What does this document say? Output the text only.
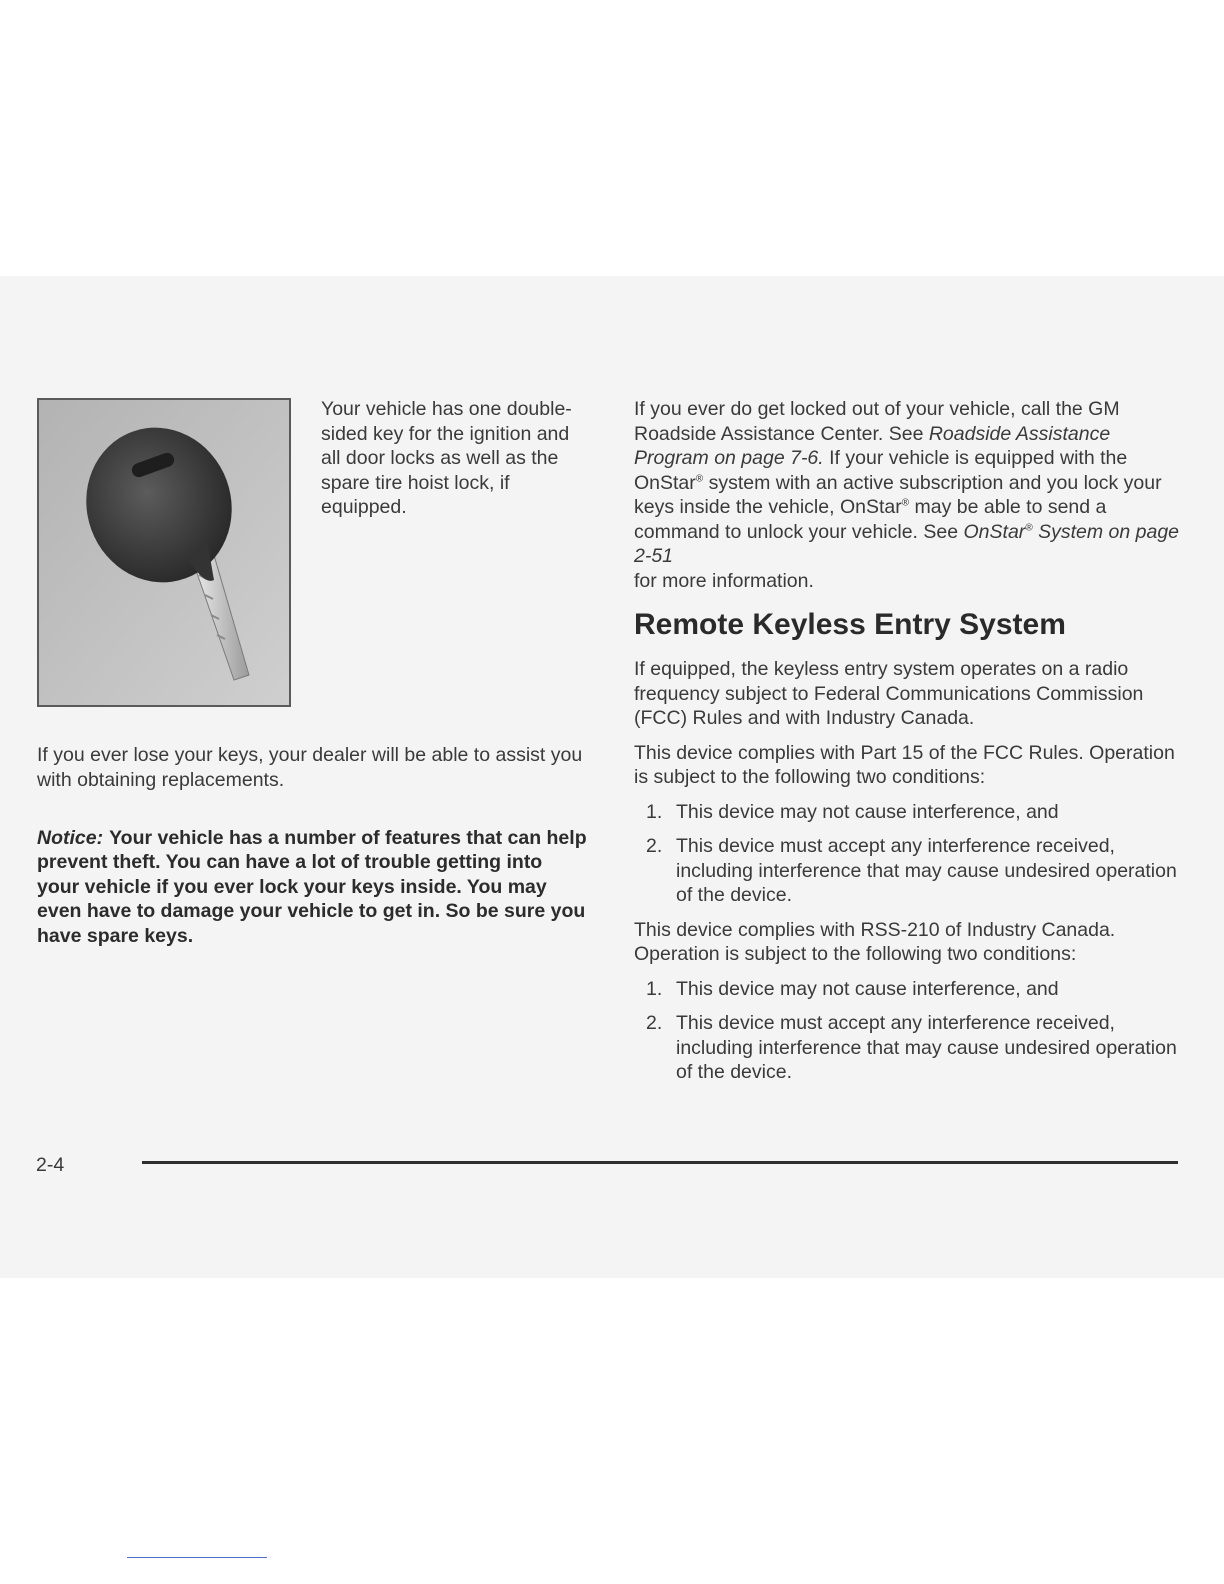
Your vehicle has one double-sided key for the ignition and all door locks as well as the spare tire hoist lock, if equipped.

If you ever lose your keys, your dealer will be able to assist you with obtaining replacements.

Notice: Your vehicle has a number of features that can help prevent theft. You can have a lot of trouble getting into your vehicle if you ever lock your keys inside. You may even have to damage your vehicle to get in. So be sure you have spare keys.

If you ever do get locked out of your vehicle, call the GM Roadside Assistance Center. See Roadside Assistance Program on page 7-6. If your vehicle is equipped with the OnStar® system with an active subscription and you lock your keys inside the vehicle, OnStar® may be able to send a command to unlock your vehicle. See OnStar® System on page 2-51
for more information.

Remote Keyless Entry System

If equipped, the keyless entry system operates on a radio frequency subject to Federal Communications Commission (FCC) Rules and with Industry Canada.

This device complies with Part 15 of the FCC Rules. Operation is subject to the following two conditions:

1. This device may not cause interference, and
2. This device must accept any interference received, including interference that may cause undesired operation of the device.

This device complies with RSS-210 of Industry Canada. Operation is subject to the following two conditions:

1. This device may not cause interference, and
2. This device must accept any interference received, including interference that may cause undesired operation of the device.
2-4
